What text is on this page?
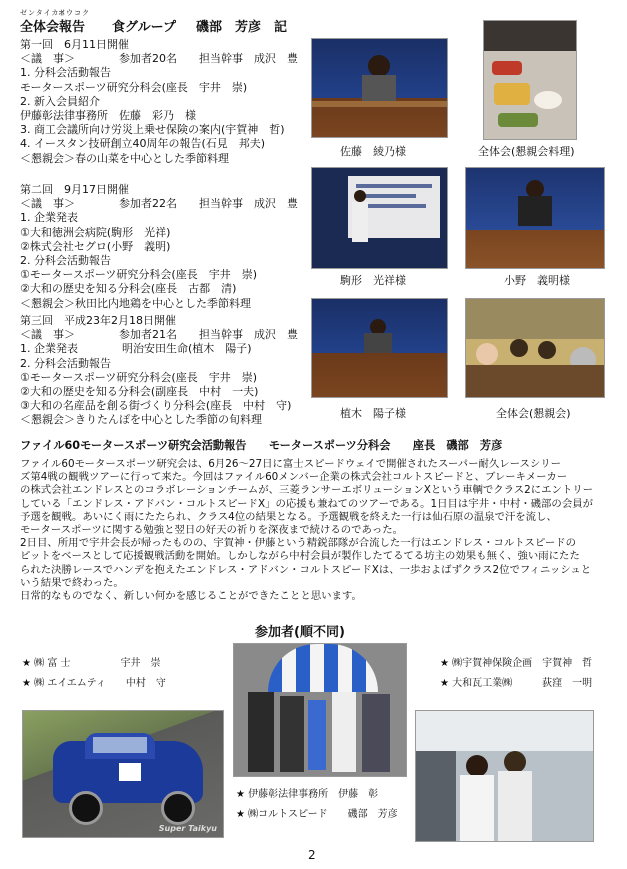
ゼンタイカイ
ホウコク
全体会報告 食グループ 磯部　芳彦　記
第一回　6月11日開催
＜議　事＞　　　　参加者20名　　担当幹事　成沢　豊
1. 分科会活動報告
モータースポーツ研究分科会(座長　宇井　崇)
2. 新入会員紹介
伊藤彰法律事務所　佐藤　彩乃　様
3. 商工会議所向け労災上乗せ保険の案内(宇賀神　哲)
4. イースタン技研創立40周年の報告(石見　邦夫)
＜懇親会＞春の山菜を中心とした季節料理
第二回　9月17日開催
＜議　事＞　　　　参加者22名　　担当幹事　成沢　豊
1. 企業発表
①大和徳洲会病院(駒形　光祥)
②株式会社セグロ(小野　義明)
2. 分科会活動報告
①モータースポーツ研究分科会(座長　宇井　崇)
②大和の歴史を知る分科会(座長　古都　清)
＜懇親会＞秋田比内地鶏を中心とした季節料理
第三回　平成23年2月18日開催
＜議　事＞　　　　参加者21名　　担当幹事　成沢　豊
1. 企業発表　　　　明治安田生命(植木　陽子)
2. 分科会活動報告
①モータースポーツ研究分科会(座長　宇井　崇)
②大和の歴史を知る分科会(副座長　中村　一夫)
③大和の名産品を創る街づくり分科会(座長　中村　守)
＜懇親会＞きりたんぽを中心とした季節の旬料理
佐藤　綾乃様	全体会(懇親会料理)
駒形　光祥様	小野　義明様
植木　陽子様	全体会(懇親会)
ファイル60モータースポーツ研究会活動報告　　モータースポーツ分科会　　座長　磯部　芳彦
ファイル60モータースポーツ研究会は、6月26～27日に富士スピードウェイで開催されたスーパー耐久レースシリー
ズ第4戦の観戦ツアーに行って来た。今回はファイル60メンバー企業の株式会社コルトスピードと、ブレーキメーカー
の株式会社エンドレスとのコラボレーションチームが、三菱ランサーエボリューションXという車輌でクラス2にエントリー
している「エンドレス・アドバン・コルトスピードX」の応援も兼ねてのツアーである。1日目は宇井・中村・磯部の会員が
予選を観戦。あいにく雨にたたられ、クラス4位の結果となる。予選観戦を終えた一行は仙石原の温泉で汗を流し、
モータースポーツに関する勉強と翌日の好天の祈りを深夜まで続けるのであった。
2日目、所用で宇井会長が帰ったものの、宇賀神・伊藤という精鋭部隊が合流した一行はエンドレス・コルトスピードの
ピットをベースとして応援観戦活動を開始。しかしながら中村会員が製作したてるてる坊主の効果も無く、強い雨にたた
られた決勝レースでハンデを抱えたエンドレス・アドバン・コルトスピードXは、一歩およばずクラス2位でフィニッシュと
いう結果で終わった。
日常的なものでなく、新しい何かを感じることができたことと思います。
参加者(順不同)
★ ㈱ 富 士　　　　　宇井　崇
★ ㈱ エイエムティ　　中村　守
★ ㈱宇賀神保険企画　宇賀神　哲
★ 大和瓦工業㈱　　　荻窪　一明
Super Taikyu
★ 伊藤彰法律事務所　伊藤　彰
★ ㈱コルトスピード　　磯部　芳彦
2
